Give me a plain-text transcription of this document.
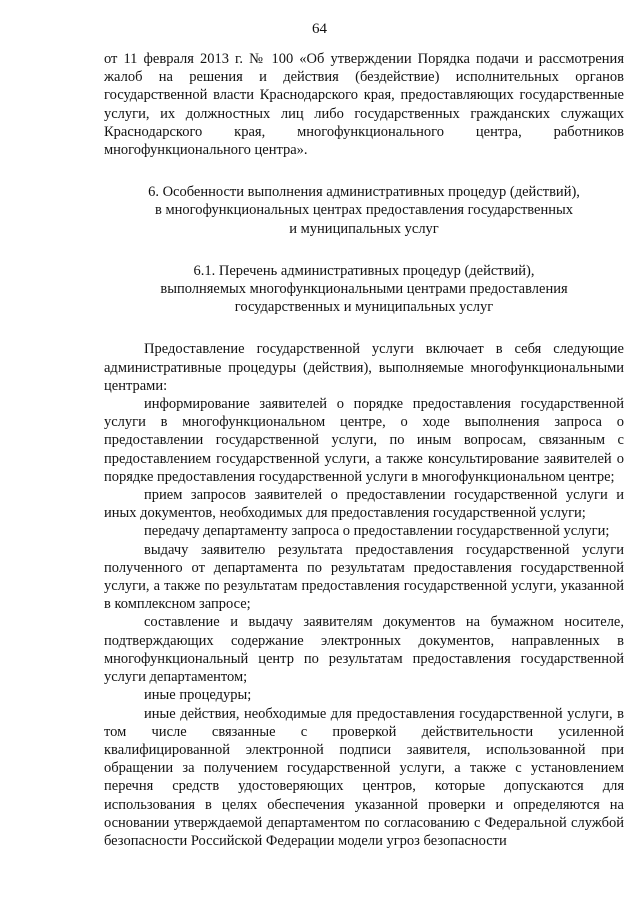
64

от 11 февраля 2013 г. № 100 «Об утверждении Порядка подачи и рассмотрения жалоб на решения и действия (бездействие) исполнительных органов государственной власти Краснодарского края, предоставляющих государственные услуги, их должностных лиц либо государственных гражданских служащих Краснодарского края, многофункционального центра, работников многофункционального центра».

6. Особенности выполнения административных процедур (действий),
в многофункциональных центрах предоставления государственных
и муниципальных услуг
6.1. Перечень административных процедур (действий),
выполняемых многофункциональными центрами предоставления
государственных и муниципальных услуг

Предоставление государственной услуги включает в себя следующие административные процедуры (действия), выполняемые многофункциональными центрами:

информирование заявителей о порядке предоставления государственной услуги в многофункциональном центре, о ходе выполнения запроса о предоставлении государственной услуги, по иным вопросам, связанным с предоставлением государственной услуги, а также консультирование заявителей о порядке предоставления государственной услуги в многофункциональном центре;

прием запросов заявителей о предоставлении государственной услуги и иных документов, необходимых для предоставления государственной услуги;

передачу департаменту запроса о предоставлении государственной услуги;

выдачу заявителю результата предоставления государственной услуги полученного от департамента по результатам предоставления государственной услуги, а также по результатам предоставления государственной услуги, указанной в комплексном запросе;

составление и выдачу заявителям документов на бумажном носителе, подтверждающих содержание электронных документов, направленных в многофункциональный центр по результатам предоставления государственной услуги департаментом;

иные процедуры;

иные действия, необходимые для предоставления государственной услуги, в том числе связанные с проверкой действительности усиленной квалифицированной электронной подписи заявителя, использованной при обращении за получением государственной услуги, а также с установлением перечня средств удостоверяющих центров, которые допускаются для использования в целях обеспечения указанной проверки и определяются на основании утверждаемой департаментом по согласованию с Федеральной службой безопасности Российской Федерации модели угроз безопасности
